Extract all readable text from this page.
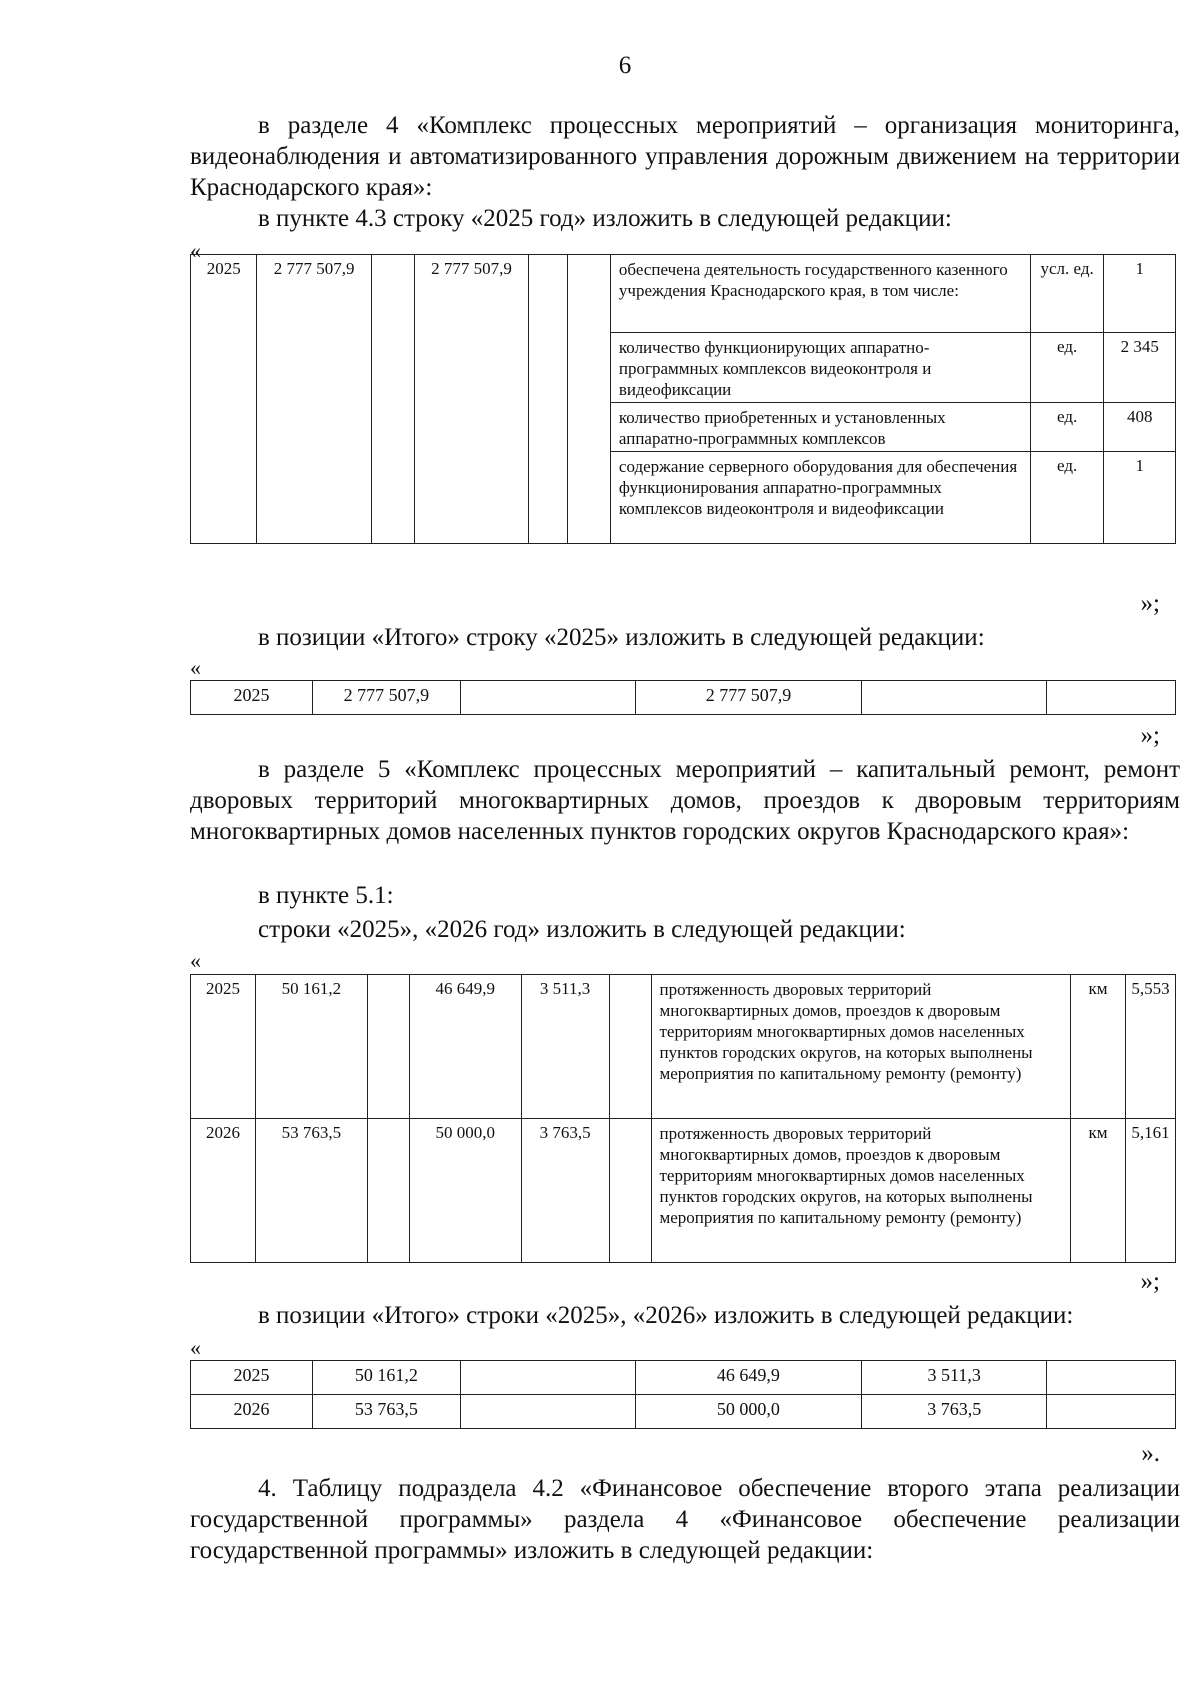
6
в разделе 4 «Комплекс процессных мероприятий – организация мониторинга, видеонаблюдения и автоматизированного управления дорожным движением на территории Краснодарского края»:
в пункте 4.3 строку «2025 год» изложить в следующей редакции:
«
2025	2 777 507,9		2 777 507,9			обеспечена деятельность государственного казенного учреждения Краснодарского края, в том числе:	усл. ед.	1
						количество функционирующих аппаратно-программных комплексов видеоконтроля и видеофиксации	ед.	2 345
						количество приобретенных и установленных аппаратно-программных комплексов	ед.	408
						содержание серверного оборудования для обеспечения функционирования аппаратно-программных комплексов видеоконтроля и видеофиксации	ед.	1
»;
в позиции «Итого» строку «2025» изложить в следующей редакции:
«
2025	2 777 507,9		2 777 507,9		
»;
в разделе 5 «Комплекс процессных мероприятий – капитальный ремонт, ремонт дворовых территорий многоквартирных домов, проездов к дворовым территориям многоквартирных домов населенных пунктов городских округов Краснодарского края»:
в пункте 5.1:
строки «2025», «2026 год» изложить в следующей редакции:
«
2025	50 161,2		46 649,9	3 511,3		протяженность дворовых территорий многоквартирных домов, проездов к дворовым территориям многоквартирных домов населенных пунктов городских округов, на которых выполнены мероприятия по капитальному ремонту (ремонту)	км	5,553
2026	53 763,5		50 000,0	3 763,5		протяженность дворовых территорий многоквартирных домов, проездов к дворовым территориям многоквартирных домов населенных пунктов городских округов, на которых выполнены мероприятия по капитальному ремонту (ремонту)	км	5,161
»;
в позиции «Итого» строки «2025», «2026» изложить в следующей редакции:
«
2025	50 161,2		46 649,9	3 511,3	
2026	53 763,5		50 000,0	3 763,5	
».
4. Таблицу подраздела 4.2 «Финансовое обеспечение второго этапа реализации государственной программы» раздела 4 «Финансовое обеспечение реализации государственной программы» изложить в следующей редакции:
